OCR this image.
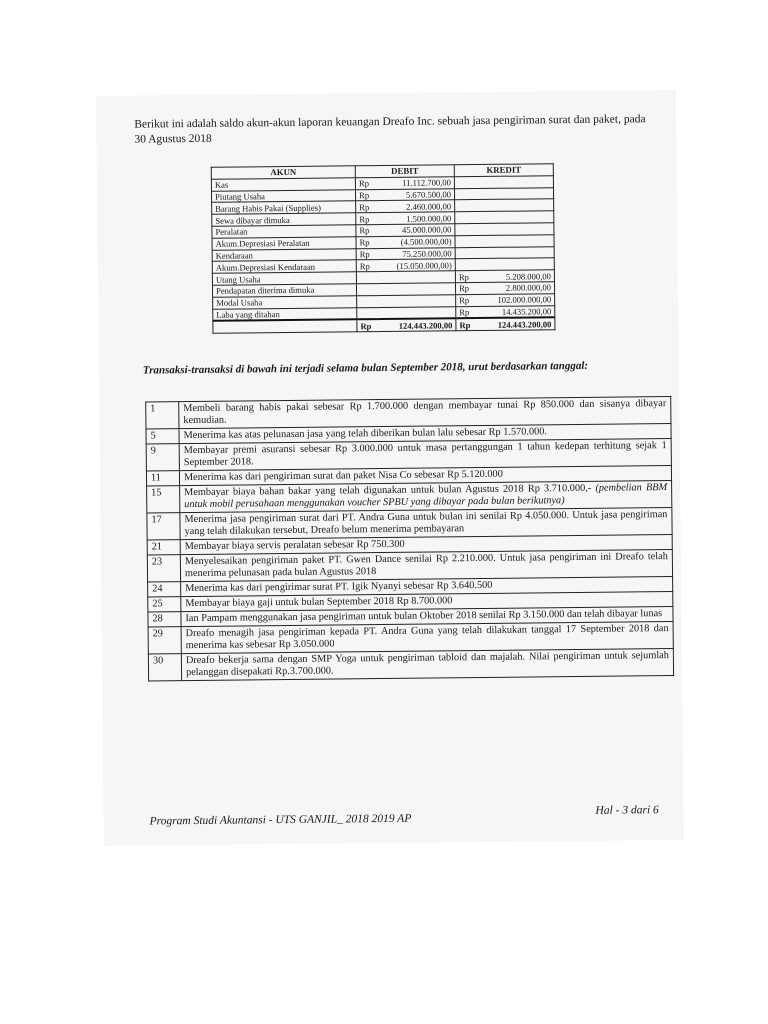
Berikut ini adalah saldo akun-akun laporan keuangan Dreafo Inc. sebuah jasa pengiriman surat dan paket, pada 30 Agustus 2018
AKUN	DEBIT		KREDIT	
Kas	Rp	11.112.700,00		
Piutang Usaha	Rp	5.670.500,00		
Barang Habis Pakai (Supplies)	Rp	2.460.000,00		
Sewa dibayar dimuka	Rp	1.500.000,00		
Peralatan	Rp	45.000.000,00		
Akum.Depresiasi Peralatan	Rp	(4.500.000,00)		
Kendaraan	Rp	75.250.000,00		
Akum.Depresiasi Kendaraan	Rp	(15.050.000,00)		
Utang Usaha			Rp	5.208.000,00
Pendapatan diterima dimuka			Rp	2.800.000,00
Modal Usaha			Rp	102.000.000,00
Laba yang ditahan			Rp	14.435.200,00
	Rp	124.443.200,00	Rp	124.443.200,00
Transaksi-transaksi di bawah ini terjadi selama bulan September 2018, urut berdasarkan tanggal:
1	Membeli barang habis pakai sebesar Rp 1.700.000 dengan membayar tunai Rp 850.000 dan sisanya dibayar kemudian.
5	Menerima kas atas pelunasan jasa yang telah diberikan bulan lalu sebesar Rp 1.570.000.
9	Membayar premi asuransi sebesar Rp 3.000.000 untuk masa pertanggungan 1 tahun kedepan terhitung sejak 1 September 2018.
11	Menerima kas dari pengiriman surat dan paket Nisa Co sebesar Rp 5.120.000
15	Membayar biaya bahan bakar yang telah digunakan untuk bulan Agustus 2018 Rp 3.710.000,- (pembelian BBM untuk mobil perusahaan menggunakan voucher SPBU yang dibayar pada bulan berikutnya)
17	Menerima jasa pengiriman surat dari PT. Andra Guna untuk bulan ini senilai Rp 4.050.000. Untuk jasa pengiriman yang telah dilakukan tersebut, Dreafo belum menerima pembayaran
21	Membayar biaya servis peralatan sebesar Rp 750.300
23	Menyelesaikan pengiriman paket PT. Gwen Dance senilai Rp 2.210.000. Untuk jasa pengiriman ini Dreafo telah menerima pelunasan pada bulan Agustus 2018
24	Menerima kas dari pengirimar surat PT. Igik Nyanyi sebesar Rp 3.640.500
25	Membayar biaya gaji untuk bulan September 2018 Rp 8.700.000
28	Ian Pampam menggunakan jasa pengiriman untuk bulan Oktober 2018 senilai Rp 3.150.000 dan telah dibayar lunas
29	Dreafo menagih jasa pengiriman kepada PT. Andra Guna yang telah dilakukan tanggal 17 September 2018 dan menerima kas sebesar Rp 3.050.000
30	Dreafo bekerja sama dengan SMP Yoga untuk pengiriman tabloid dan majalah. Nilai pengiriman untuk sejumlah pelanggan disepakati Rp.3.700.000.
Program Studi Akuntansi - UTS GANJIL_ 2018 2019 AP
Hal - 3 dari 6
